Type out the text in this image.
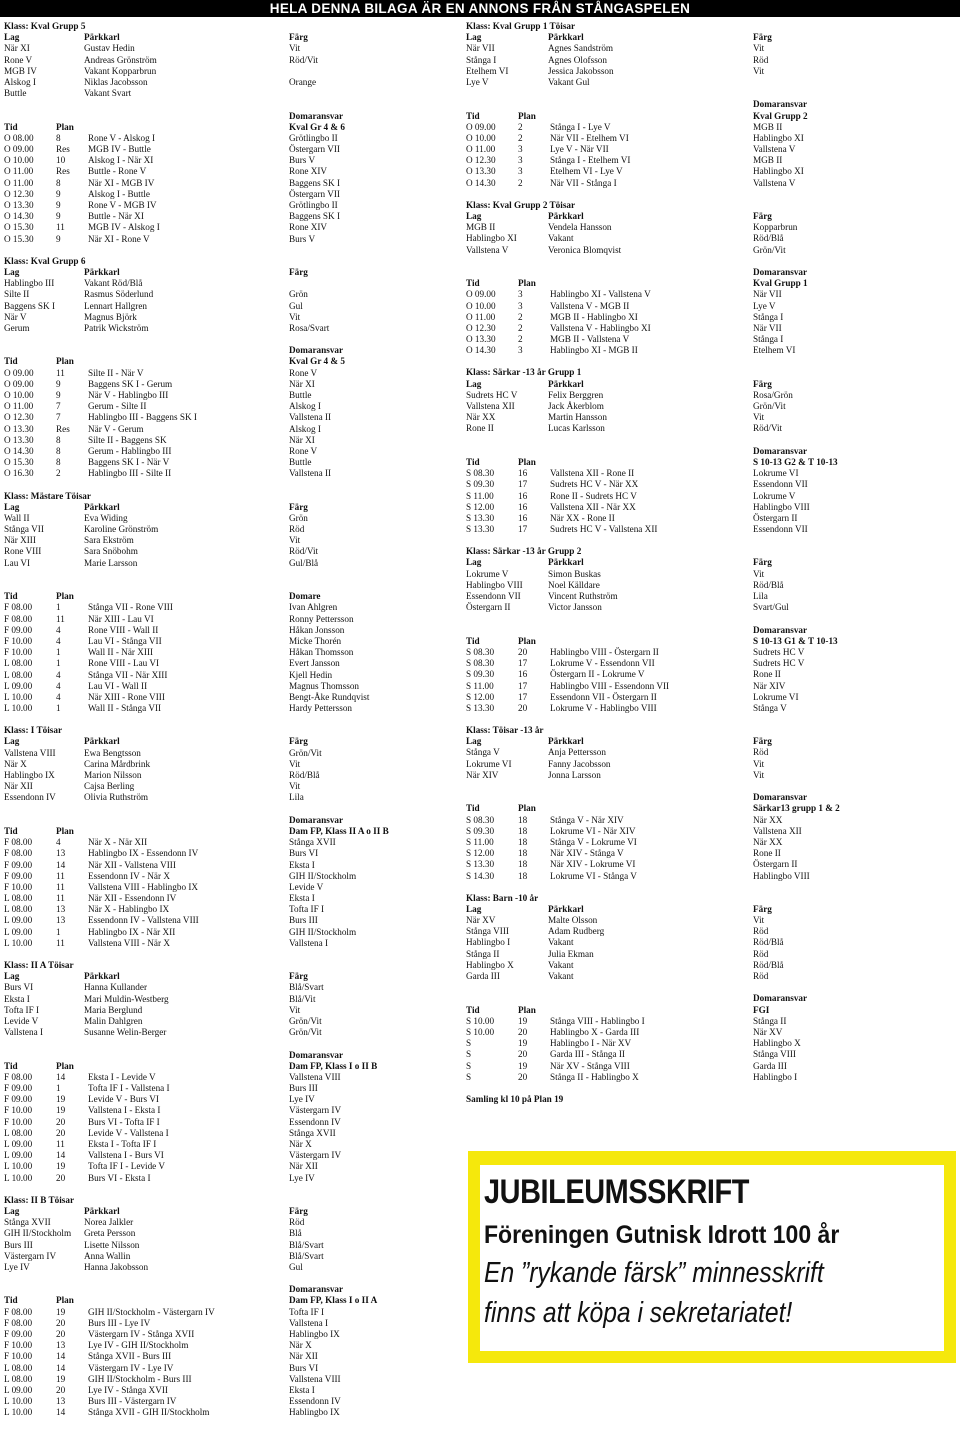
HELA DENNA BILAGA ÄR EN ANNONS FRÅN STÅNGASPELEN
Klass: Kval Grupp 5
Lag	Pärkkarl	Färg
När XI	Gustav Hedin	Vit
Rone V	Andreas Grönström	Röd/Vit
MGB IV	Vakant Kopparbrun
Alskog I	Niklas Jacobsson	Orange
Buttle	Vakant Svart
Domaransvar
Tid	Plan	Kval Gr 4 & 6
O 08.00	8	Rone V - Alskog I	Grötlingbo II
O 09.00	Res	MGB IV - Buttle	Östergarn VII
O 10.00	10	Alskog I - När XI	Burs V
O 11.00	Res	Buttle - Rone V	Rone XIV
O 11.00	8	När XI - MGB IV	Baggens SK I
O 12.30	9	Alskog I - Buttle	Östergarn VII
O 13.30	9	Rone V - MGB IV	Grötlingbo II
O 14.30	9	Buttle - När XI	Baggens SK I
O 15.30	11	MGB IV - Alskog I	Rone XIV
O 15.30	9	När XI - Rone V	Burs V
Klass: Kval Grupp 6
Lag	Pärkkarl	Färg
Hablingbo III	Vakant Röd/Blå
Silte II	Rasmus Söderlund	Grön
Baggens SK I	Lennart Hallgren	Gul
När V	Magnus Björk	Vit
Gerum	Patrik Wickström	Rosa/Svart
Domaransvar
Tid	Plan	Kval Gr 4 & 5
O 09.00	11	Silte II - När V	Rone V
O 09.00	9	Baggens SK I - Gerum	När XI
O 10.00	9	När V - Hablingbo III	Buttle
O 11.00	7	Gerum - Silte II	Alskog I
O 12.30	7	Hablingbo III - Baggens SK I	Vallstena II
O 13.30	Res	När V - Gerum	Alskog I
O 13.30	8	Silte II - Baggens SK	När XI
O 14.30	8	Gerum - Hablingbo III	Rone V
O 15.30	8	Baggens SK I - När V	Buttle
O 16.30	2	Hablingbo III - Silte II	Vallstena II
Klass: Mästare Töisar
Lag	Pärkkarl	Färg
Wall II	Eva Widing	Grön
Stånga VII	Karoline Grönström	Röd
När XIII	Sara Ekström	Vit
Rone VIII	Sara Snöbohm	Röd/Vit
Lau VI	Marie Larsson	Gul/Blå
Tid	Plan	Domare
F 08.00	1	Stånga VII - Rone VIII	Ivan Ahlgren
F 08.00	11	När XIII - Lau VI	Ronny Pettersson
F 09.00	4	Rone VIII - Wall II	Håkan Jonsson
F 10.00	4	Lau VI - Stånga VII	Micke Thorén
F 10.00	1	Wall II - När XIII	Håkan Thomsson
L 08.00	1	Rone VIII - Lau VI	Evert Jansson
L 08.00	4	Stånga VII - När XIII	Kjell Hedin
L 09.00	4	Lau VI - Wall II	Magnus Thomsson
L 10.00	4	När XIII - Rone VIII	Bengt-Åke Rundqvist
L 10.00	1	Wall II - Stånga VII	Hardy Pettersson
Klass: I Töisar
Lag	Pärkkarl	Färg
Vallstena VIII	Ewa Bengtsson	Grön/Vit
När X	Carina Mårdbrink	Vit
Hablingbo IX	Marion Nilsson	Röd/Blå
När XII	Cajsa Berling	Vit
Essendonn IV	Olivia Ruthström	Lila
Domaransvar
Tid	Plan	Dam FP, Klass II A o II B
F 08.00	4	När X - När XII	Stånga XVII
F 08.00	13	Hablingbo IX - Essendonn IV	Burs VI
F 09.00	14	När XII - Vallstena VIII	Eksta I
F 09.00	11	Essendonn IV - När X	GIH II/Stockholm
F 10.00	11	Vallstena VIII - Hablingbo IX	Levide V
L 08.00	11	När XII - Essendonn IV	Eksta I
L 08.00	13	När X - Hablingbo IX	Tofta IF I
L 09.00	13	Essendonn IV - Vallstena VIII	Burs III
L 09.00	1	Hablingbo IX - När XII	GIH II/Stockholm
L 10.00	11	Vallstena VIII - När X	Vallstena I
Klass: II A Töisar
Lag	Pärkkarl	Färg
Burs VI	Hanna Kullander	Blå/Svart
Eksta I	Mari Muldin-Westberg	Blå/Vit
Tofta IF I	Maria Berglund	Vit
Levide V	Malin Dahlgren	Grön/Vit
Vallstena I	Susanne Welin-Berger	Grön/Vit
Domaransvar
Tid	Plan	Dam FP, Klass I o II B
F 08.00	14	Eksta I - Levide V	Vallstena VIII
F 09.00	1	Tofta IF I - Vallstena I	Burs III
F 09.00	19	Levide V - Burs VI	Lye IV
F 10.00	19	Vallstena I - Eksta I	Västergarn IV
F 10.00	20	Burs VI - Tofta IF I	Essendonn IV
L 08.00	20	Levide V - Vallstena I	Stånga XVII
L 09.00	11	Eksta I - Tofta IF I	När X
L 09.00	14	Vallstena I - Burs VI	Västergarn IV
L 10.00	19	Tofta IF I - Levide V	När XII
L 10.00	20	Burs VI - Eksta I	Lye IV
Klass: II B Töisar
Lag	Pärkkarl	Färg
Stånga XVII	Norea Jalkler	Röd
GIH II/Stockholm	Greta Persson	Blå
Burs III	Lisette Nilsson	Blå/Svart
Västergarn IV	Anna Wallin	Blå/Svart
Lye IV	Hanna Jakobsson	Gul
Domaransvar
Tid	Plan	Dam FP, Klass I o II A
F 08.00	19	GIH II/Stockholm - Västergarn IV	Tofta IF I
F 08.00	20	Burs III - Lye IV	Vallstena I
F 09.00	20	Västergarn IV - Stånga XVII	Hablingbo IX
F 10.00	13	Lye IV - GIH II/Stockholm	När X
F 10.00	14	Stånga XVII - Burs III	När XII
L 08.00	14	Västergarn IV - Lye IV	Burs VI
L 08.00	19	GIH II/Stockholm - Burs III	Vallstena VIII
L 09.00	20	Lye IV - Stånga XVII	Eksta I
L 10.00	13	Burs III - Västergarn IV	Essendonn IV
L 10.00	14	Stånga XVII - GIH II/Stockholm	Hablingbo IX
Klass: Kval Grupp 1 Töisar
Lag	Pärkkarl	Färg
När VII	Agnes Sandström	Vit
Stånga I	Agnes Olofsson	Röd
Etelhem VI	Jessica Jakobsson	Vit
Lye V	Vakant Gul
Domaransvar
Tid	Plan	Kval Grupp 2
O 09.00	2	Stånga I - Lye V	MGB II
O 10.00	2	När VII - Etelhem VI	Hablingbo XI
O 11.00	3	Lye V - När VII	Vallstena V
O 12.30	3	Stånga I - Etelhem VI	MGB II
O 13.30	3	Etelhem VI - Lye V	Hablingbo XI
O 14.30	2	När VII - Stånga I	Vallstena V
Klass: Kval Grupp 2 Töisar
Lag	Pärkkarl	Färg
MGB II	Vendela Hansson	Kopparbrun
Hablingbo XI	Vakant	Röd/Blå
Vallstena V	Veronica Blomqvist	Grön/Vit
Domaransvar
Tid	Plan	Kval Grupp 1
O 09.00	3	Hablingbo XI - Vallstena V	När VII
O 10.00	3	Vallstena V - MGB II	Lye V
O 11.00	2	MGB II - Hablingbo XI	Stånga I
O 12.30	2	Vallstena V - Hablingbo XI	När VII
O 13.30	2	MGB II - Vallstena V	Stånga I
O 14.30	3	Hablingbo XI - MGB II	Etelhem VI
Klass: Särkar -13 år Grupp 1
Lag	Pärkkarl	Färg
Sudrets HC V	Felix Berggren	Rosa/Grön
Vallstena XII	Jack Åkerblom	Grön/Vit
När XX	Martin Hansson	Vit
Rone II	Lucas Karlsson	Röd/Vit
Domaransvar
Tid	Plan	S 10-13 G2 & T 10-13
S 08.30	16	Vallstena XII - Rone II	Lokrume VI
S 09.30	17	Sudrets HC V - När XX	Essendonn VII
S 11.00	16	Rone II - Sudrets HC V	Lokrume V
S 12.00	16	Vallstena XII - När XX	Hablingbo VIII
S 13.30	16	När XX - Rone II	Östergarn II
S 13.30	17	Sudrets HC V - Vallstena XII	Essendonn VII
Klass: Särkar -13 år Grupp 2
Lag	Pärkkarl	Färg
Lokrume V	Simon Buskas	Vit
Hablingbo VIII	Noel Källdare	Röd/Blå
Essendonn VII	Vincent Ruthström	Lila
Östergarn II	Victor Jansson	Svart/Gul
Domaransvar
Tid	Plan	S 10-13 G1 & T 10-13
S 08.30	20	Hablingbo VIII - Östergarn II	Sudrets HC V
S 08.30	17	Lokrume V - Essendonn VII	Sudrets HC V
S 09.30	16	Östergarn II - Lokrume V	Rone II
S 11.00	17	Hablingbo VIII - Essendonn VII	När XIV
S 12.00	17	Essendonn VII - Östergarn II	Lokrume VI
S 13.30	20	Lokrume V - Hablingbo VIII	Stånga V
Klass: Töisar -13 år
Lag	Pärkkarl	Färg
Stånga V	Anja Pettersson	Röd
Lokrume VI	Fanny Jacobsson	Vit
När XIV	Jonna Larsson	Vit
Domaransvar
Tid	Plan	Särkar13 grupp 1 & 2
S 08.30	18	Stånga V - När XIV	När XX
S 09.30	18	Lokrume VI - När XIV	Vallstena XII
S 11.00	18	Stånga V - Lokrume VI	När XX
S 12.00	18	När XIV - Stånga V	Rone II
S 13.30	18	När XIV - Lokrume VI	Östergarn II
S 14.30	18	Lokrume VI - Stånga V	Hablingbo VIII
Klass: Barn -10 år
Lag	Pärkkarl	Färg
När XV	Malte Olsson	Vit
Stånga VIII	Adam Rudberg	Röd
Hablingbo I	Vakant	Röd/Blå
Stånga II	Julia Ekman	Röd
Hablingbo X	Vakant	Röd/Blå
Garda III	Vakant	Röd
Domaransvar
Tid	Plan	FGI
S 10.00	19	Stånga VIII - Hablingbo I	Stånga II
S 10.00	20	Hablingbo X - Garda III	När XV
S	19	Hablingbo I - När XV	Hablingbo X
S	20	Garda III - Stånga II	Stånga VIII
S	19	När XV - Stånga VIII	Garda III
S	20	Stånga II - Hablingbo X	Hablingbo I
Samling kl 10 på Plan 19
JUBILEUMSSKRIFT
Föreningen Gutnisk Idrott 100 år
En ”rykande färsk” minnesskrift
finns att köpa i sekretariatet!
